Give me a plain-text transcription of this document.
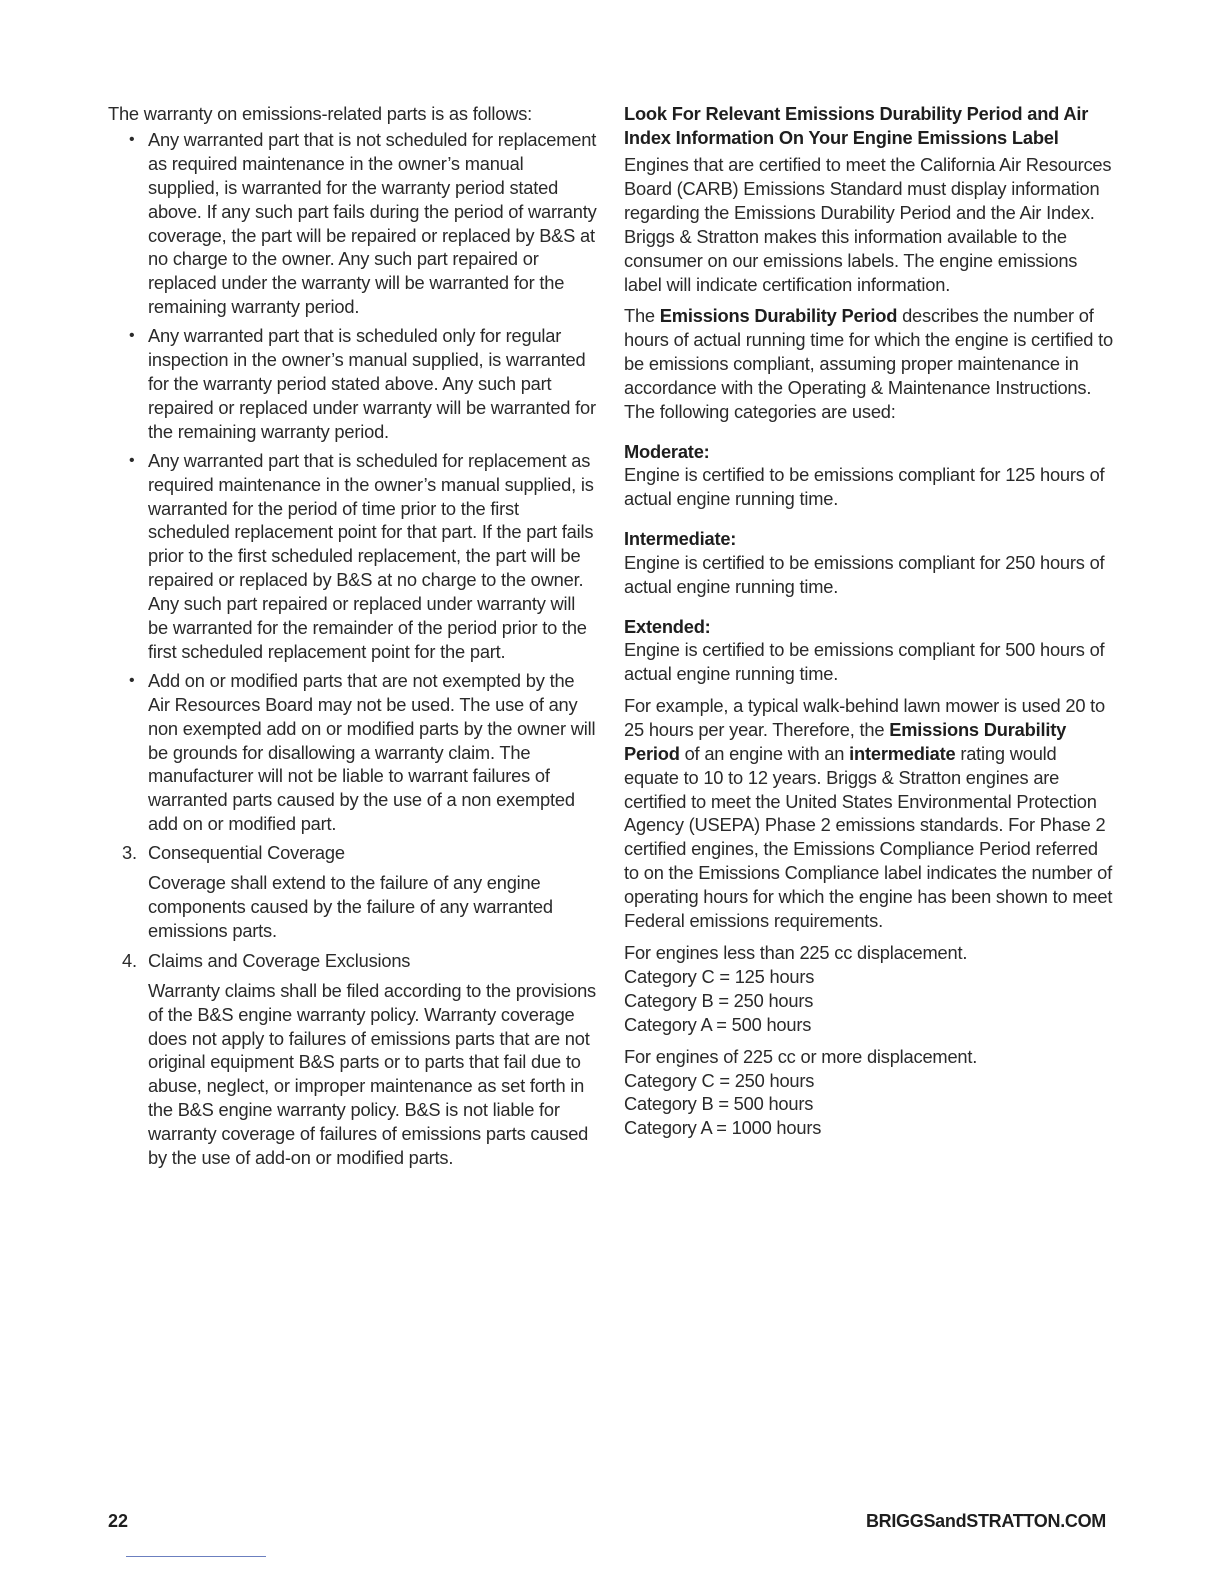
The warranty on emissions-related parts is as follows:

• Any warranted part that is not scheduled for replacement as required maintenance in the owner’s manual supplied, is warranted for the warranty period stated above. If any such part fails during the period of warranty coverage, the part will be repaired or replaced by B&S at no charge to the owner. Any such part repaired or replaced under the warranty will be warranted for the remaining warranty period.
• Any warranted part that is scheduled only for regular inspection in the owner’s manual supplied, is warranted for the warranty period stated above. Any such part repaired or replaced under warranty will be warranted for the remaining warranty period.
• Any warranted part that is scheduled for replacement as required maintenance in the owner’s manual supplied, is warranted for the period of time prior to the first scheduled replacement point for that part. If the part fails prior to the first scheduled replacement, the part will be repaired or replaced by B&S at no charge to the owner. Any such part repaired or replaced under warranty will be warranted for the remainder of the period prior to the first scheduled replacement point for the part.
• Add on or modified parts that are not exempted by the Air Resources Board may not be used. The use of any non exempted add on or modified parts by the owner will be grounds for disallowing a warranty claim. The manufacturer will not be liable to warrant failures of warranted parts caused by the use of a non exempted add on or modified part.
3. Consequential Coverage

Coverage shall extend to the failure of any engine components caused by the failure of any warranted emissions parts.

4. Claims and Coverage Exclusions

Warranty claims shall be filed according to the provisions of the B&S engine warranty policy. Warranty coverage does not apply to failures of emissions parts that are not original equipment B&S parts or to parts that fail due to abuse, neglect, or improper maintenance as set forth in the B&S engine warranty policy. B&S is not liable for warranty coverage of failures of emissions parts caused by the use of add-on or modified parts.

Look For Relevant Emissions Durability Period and Air Index Information On Your Engine Emissions Label

Engines that are certified to meet the California Air Resources Board (CARB) Emissions Standard must display information regarding the Emissions Durability Period and the Air Index. Briggs & Stratton makes this information available to the consumer on our emissions labels. The engine emissions label will indicate certification information.

The Emissions Durability Period describes the number of hours of actual running time for which the engine is certified to be emissions compliant, assuming proper maintenance in accordance with the Operating & Maintenance Instructions. The following categories are used:

Moderate:

Engine is certified to be emissions compliant for 125 hours of actual engine running time.

Intermediate:

Engine is certified to be emissions compliant for 250 hours of actual engine running time.

Extended:

Engine is certified to be emissions compliant for 500 hours of actual engine running time.

For example, a typical walk-behind lawn mower is used 20 to 25 hours per year. Therefore, the Emissions Durability Period of an engine with an intermediate rating would equate to 10 to 12 years. Briggs & Stratton engines are certified to meet the United States Environmental Protection Agency (USEPA) Phase 2 emissions standards. For Phase 2 certified engines, the Emissions Compliance Period referred to on the Emissions Compliance label indicates the number of operating hours for which the engine has been shown to meet Federal emissions requirements.

For engines less than 225 cc displacement.

Category C = 125 hours

Category B = 250 hours

Category A = 500 hours

For engines of 225 cc or more displacement.

Category C = 250 hours

Category B = 500 hours

Category A = 1000 hours

22	BRIGGSandSTRATTON.COM
